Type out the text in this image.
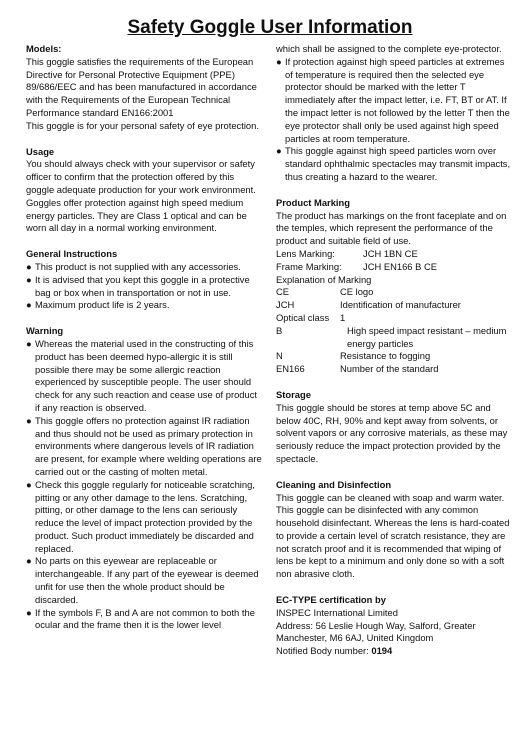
Safety Goggle User Information

Models:

This goggle satisfies the requirements of the European Directive for Personal Protective Equipment (PPE) 89/686/EEC and has been manufactured in accordance with the Requirements of the European Technical Performance standard EN166:2001

This goggle is for your personal safety of eye protection.

Usage

You should always check with your supervisor or safety officer to confirm that the protection offered by this goggle adequate production for your work environment. Goggles offer protection against high speed medium energy particles. They are Class 1 optical and can be worn all day in a normal working environment.

General Instructions

● This product is not supplied with any accessories.
● It is advised that you kept this goggle in a protective bag or box when in transportation or not in use.
● Maximum product life is 2 years.

Warning

● Whereas the material used in the constructing of this product has been deemed hypo-allergic it is still possible there may be some allergic reaction experienced by susceptible people. The user should check for any such reaction and cease use of product if any reaction is observed.
● This goggle offers no protection against IR radiation and thus should not be used as primary protection in environments where dangerous levels of IR radiation are present, for example where welding operations are carried out or the casting of molten metal.
● Check this goggle regularly for noticeable scratching, pitting or any other damage to the lens. Scratching, pitting, or other damage to the lens can seriously reduce the level of impact protection provided by the product. Such product immediately be discarded and replaced.
● No parts on this eyewear are replaceable or interchangeable. If any part of the eyewear is deemed unfit for use then the whole product should be discarded.
● If the symbols F, B and A are not common to both the ocular and the frame then it is the lower level

which shall be assigned to the complete eye-protector.

● If protection against high speed particles at extremes of temperature is required then the selected eye protector should be marked with the letter T immediately after the impact letter, i.e. FT, BT or AT. If the impact letter is not followed by the letter T then the eye protector shall only be used against high speed particles at room temperature.
● This goggle against high speed particles worn over standard ophthalmic spectacles may transmit impacts, thus creating a hazard to the wearer.

Product Marking

The product has markings on the front faceplate and on the temples, which represent the performance of the product and suitable field of use.

Lens Marking:	JCH 1BN CE
Frame Marking:	JCH EN166 B CE

Explanation of Marking

CE	CE logo
JCH	Identification of manufacturer
Optical class	1
B	High speed impact resistant – medium energy particles
N	Resistance to fogging
EN166	Number of the standard

Storage

This goggle should be stores at temp above 5C and below 40C, RH, 90% and kept away from solvents, or solvent vapors or any corrosive materials, as these may seriously reduce the impact protection provided by the spectacle.

Cleaning and Disinfection

This goggle can be cleaned with soap and warm water. This goggle can be disinfected with any common household disinfectant. Whereas the lens is hard-coated to provide a certain level of scratch resistance, they are not scratch proof and it is recommended that wiping of lens be kept to a minimum and only done so with a soft non abrasive cloth.

EC-TYPE certification by

INSPEC International Limited

Address: 56 Leslie Hough Way, Salford, Greater Manchester, M6 6AJ, United Kingdom

Notified Body number: 0194
